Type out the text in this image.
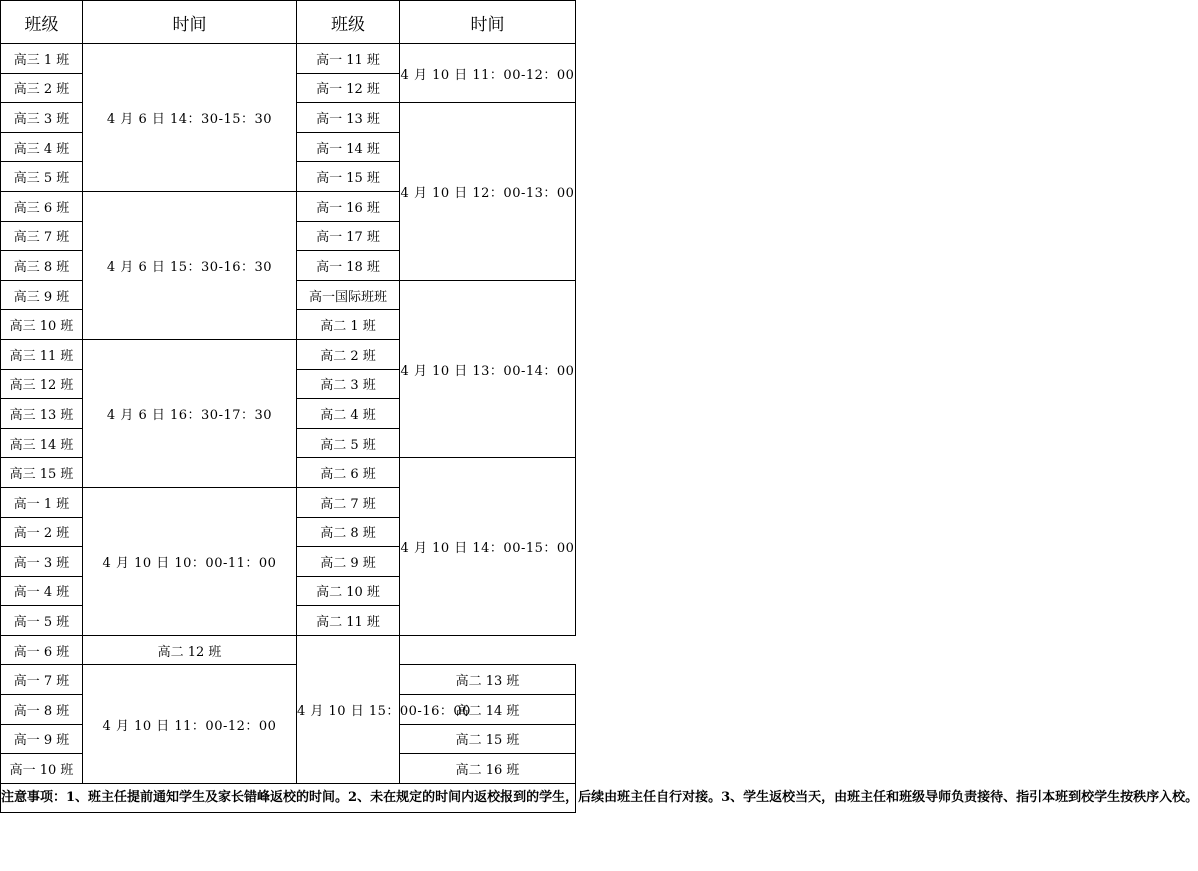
班级	时间	班级	时间
高三 1 班	4 月 6 日 14：30-15：30	高一 11 班	4 月 10 日 11：00-12：00
高三 2 班		高一 12 班	
高三 3 班		高一 13 班	4 月 10 日 12：00-13：00
高三 4 班		高一 14 班	
高三 5 班		高一 15 班	
高三 6 班	4 月 6 日 15：30-16：30	高一 16 班	
高三 7 班		高一 17 班	
高三 8 班		高一 18 班	
高三 9 班		高一国际班班	4 月 10 日 13：00-14：00
高三 10 班		高二 1 班	
高三 11 班	4 月 6 日 16：30-17：30	高二 2 班	
高三 12 班		高二 3 班	
高三 13 班		高二 4 班	
高三 14 班		高二 5 班	
高三 15 班		高二 6 班	4 月 10 日 14：00-15：00
高一 1 班	4 月 10 日 10：00-11：00	高二 7 班	
高一 2 班		高二 8 班	
高一 3 班		高二 9 班	
高一 4 班		高二 10 班	
高一 5 班		高二 11 班	
高一 6 班	高二 12 班	4 月 10 日 15：00-16：00	
高一 7 班	4 月 10 日 11：00-12：00		高二 13 班
高一 8 班			高二 14 班
高一 9 班			高二 15 班
高一 10 班			高二 16 班
注意事项：1、班主任提前通知学生及家长错峰返校的时间。2、未在规定的时间内返校报到的学生，后续由班主任自行对接。3、学生返校当天，由班主任和班级导师负责接待、指引本班到校学生按秩序入校。			
